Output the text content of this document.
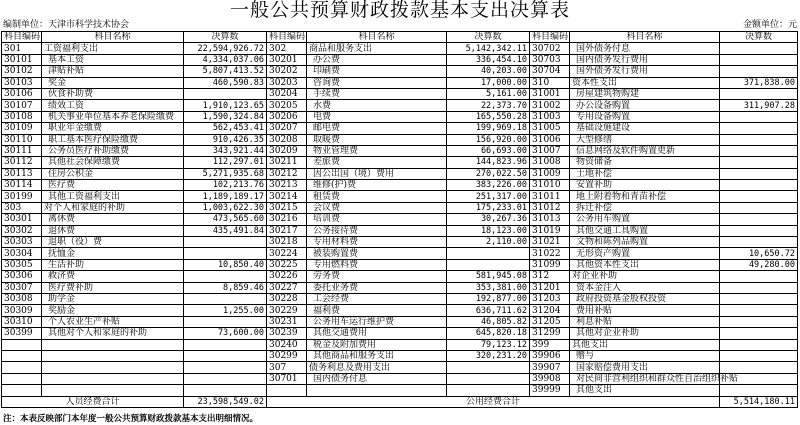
一般公共预算财政拨款基本支出决算表
编制单位：天津市科学技术协会	金额单位：元
科目编码	科目名称	决算数	科目编码	科目名称	决算数	科目编码	科目名称	决算数
301	工资福利支出	22,594,926.72	302	商品和服务支出	5,142,342.11	30702	国外债务付息	
30101	基本工资	4,334,037.06	30201	办公费	336,454.10	30703	国内债务发行费用	
30102	津贴补贴	5,807,413.52	30202	印刷费	40,203.00	30704	国外债务发行费用	
30103	奖金	460,590.83	30203	咨询费	17,000.00	310	资本性支出	371,838.00
30106	伙食补助费		30204	手续费	5,161.00	31001	房屋建筑物购建	
30107	绩效工资	1,910,123.65	30205	水费	22,373.70	31002	办公设备购置	311,907.28
30108	机关事业单位基本养老保险缴费	1,590,324.84	30206	电费	165,550.28	31003	专用设备购置	
30109	职业年金缴费	562,453.41	30207	邮电费	199,969.18	31005	基础设施建设	
30110	职工基本医疗保险缴费	910,426.35	30208	取暖费	156,920.00	31006	大型修缮	
30111	公务员医疗补助缴费	343,921.44	30209	物业管理费	66,693.00	31007	信息网络及软件购置更新	
30112	其他社会保障缴费	112,297.01	30211	差旅费	144,823.96	31008	物资储备	
30113	住房公积金	5,271,935.68	30212	因公出国（境）费用	270,022.50	31009	土地补偿	
30114	医疗费	102,213.76	30213	维修(护)费	383,226.00	31010	安置补助	
30199	其他工资福利支出	1,189,189.17	30214	租赁费	251,317.00	31011	地上附着物和青苗补偿	
303	对个人和家庭的补助	1,003,622.30	30215	会议费	175,233.01	31012	拆迁补偿	
30301	离休费	473,565.60	30216	培训费	30,267.36	31013	公务用车购置	
30302	退休费	435,491.84	30217	公务接待费	18,123.00	31019	其他交通工具购置	
30303	退职（役）费		30218	专用材料费	2,110.00	31021	文物和陈列品购置	
30304	抚恤金		30224	被装购置费		31022	无形资产购置	10,650.72
30305	生活补助	10,850.40	30225	专用燃料费		31099	其他资本性支出	49,280.00
30306	救济费		30226	劳务费	581,945.08	312	对企业补助	
30307	医疗费补助	8,859.46	30227	委托业务费	353,381.00	31201	资本金注入	
30308	助学金		30228	工会经费	192,877.00	31203	政府投资基金股权投资	
30309	奖励金	1,255.00	30229	福利费	636,711.62	31204	费用补贴	
30310	个人农业生产补贴		30231	公务用车运行维护费	46,805.82	31205	利息补贴	
30399	其他对个人和家庭的补助	73,600.00	30239	其他交通费用	645,820.18	31299	其他对企业补助	
			30240	税金及附加费用	79,123.12	399	其他支出	
			30299	其他商品和服务支出	320,231.20	39906	赠与	
			307	债务利息及费用支出		39907	国家赔偿费用支出	
			30701	国内债务付息		39908	对民间非营利组织和群众性自治组织补贴	
						39999	其他支出	
人员经费合计		23,598,549.02	公用经费合计					5,514,180.11
注：本表反映部门本年度一般公共预算财政拨款基本支出明细情况。
